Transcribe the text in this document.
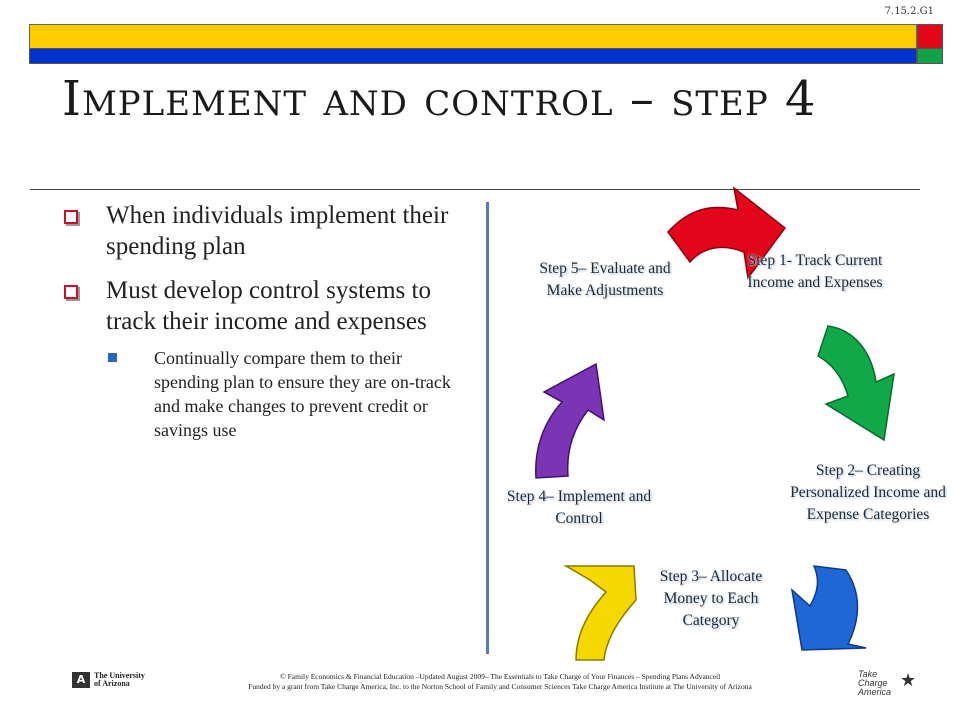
7.15.2.G1
Implement and control – step 4
When individuals implement their spending plan
Must develop control systems to track their income and expenses
Continually compare them to their spending plan to ensure they are on-track and make changes to prevent credit or savings use
Step 1- Track Current Income and Expenses
Step 2– Creating Personalized Income and Expense Categories
Step 3– Allocate Money to Each Category
Step 4– Implement and Control
Step 5– Evaluate and Make Adjustments
A	The University
of Arizona
© Family Economics & Financial Education –Updated August 2009– The Essentials to Take Charge of Your Finances – Spending Plans Advanced
Funded by a grant from Take Charge America, Inc. to the Norton School of Family and Consumer Sciences Take Charge America Institute at The University of Arizona
Take
Charge
America
★
